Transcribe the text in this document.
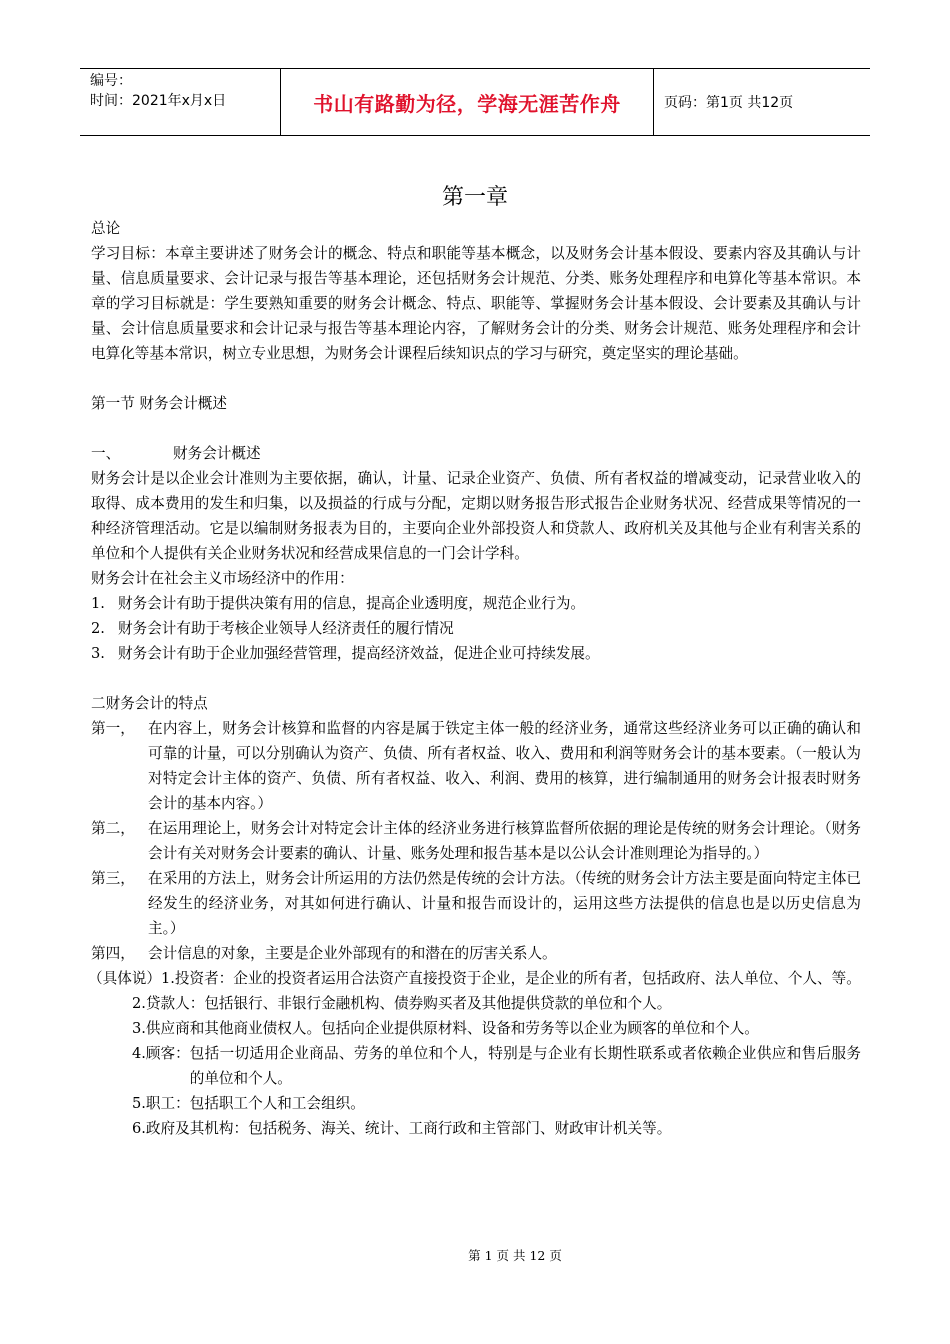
编号：
时间：2021年x月x日	书山有路勤为径，学海无涯苦作舟	页码：第1页 共12页
第一章

总论

学习目标：本章主要讲述了财务会计的概念、特点和职能等基本概念，以及财务会计基本假设、要素内容及其确认与计量、信息质量要求、会计记录与报告等基本理论，还包括财务会计规范、分类、账务处理程序和电算化等基本常识。本章的学习目标就是：学生要熟知重要的财务会计概念、特点、职能等、掌握财务会计基本假设、会计要素及其确认与计量、会计信息质量要求和会计记录与报告等基本理论内容，了解财务会计的分类、财务会计规范、账务处理程序和会计电算化等基本常识，树立专业思想，为财务会计课程后续知识点的学习与研究，奠定坚实的理论基础。

第一节 财务会计概述

一、	财务会计概述

财务会计是以企业会计准则为主要依据，确认，计量、记录企业资产、负债、所有者权益的增减变动，记录营业收入的取得、成本费用的发生和归集，以及损益的行成与分配，定期以财务报告形式报告企业财务状况、经营成果等情况的一种经济管理活动。它是以编制财务报表为目的，主要向企业外部投资人和贷款人、政府机关及其他与企业有利害关系的单位和个人提供有关企业财务状况和经营成果信息的一门会计学科。

财务会计在社会主义市场经济中的作用：

1. 财务会计有助于提供决策有用的信息，提高企业透明度，规范企业行为。
2. 财务会计有助于考核企业领导人经济责任的履行情况
3. 财务会计有助于企业加强经营管理，提高经济效益，促进企业可持续发展。

二财务会计的特点

第一， 在内容上，财务会计核算和监督的内容是属于铁定主体一般的经济业务，通常这些经济业务可以正确的确认和可靠的计量，可以分别确认为资产、负债、所有者权益、收入、费用和利润等财务会计的基本要素。（一般认为对特定会计主体的资产、负债、所有者权益、收入、利润、费用的核算，进行编制通用的财务会计报表时财务会计的基本内容。）
第二， 在运用理论上，财务会计对特定会计主体的经济业务进行核算监督所依据的理论是传统的财务会计理论。（财务会计有关对财务会计要素的确认、计量、账务处理和报告基本是以公认会计准则理论为指导的。）
第三， 在采用的方法上，财务会计所运用的方法仍然是传统的会计方法。（传统的财务会计方法主要是面向特定主体已经发生的经济业务，对其如何进行确认、计量和报告而设计的，运用这些方法提供的信息也是以历史信息为主。）
第四， 会计信息的对象，主要是企业外部现有的和潜在的厉害关系人。
（具体说）1.投资者： 企业的投资者运用合法资产直接投资于企业，是企业的所有者，包括政府、法人单位、个人、等。
2.贷款人： 包括银行、非银行金融机构、债券购买者及其他提供贷款的单位和个人。
3.供应商和其他商业债权人。 包括向企业提供原材料、设备和劳务等以企业为顾客的单位和个人。
4.顾客： 包括一切适用企业商品、劳务的单位和个人，特别是与企业有长期性联系或者依赖企业供应和售后服务的单位和个人。
5.职工： 包括职工个人和工会组织。
6.政府及其机构： 包括税务、海关、统计、工商行政和主管部门、财政审计机关等。
第 1 页 共 12 页
